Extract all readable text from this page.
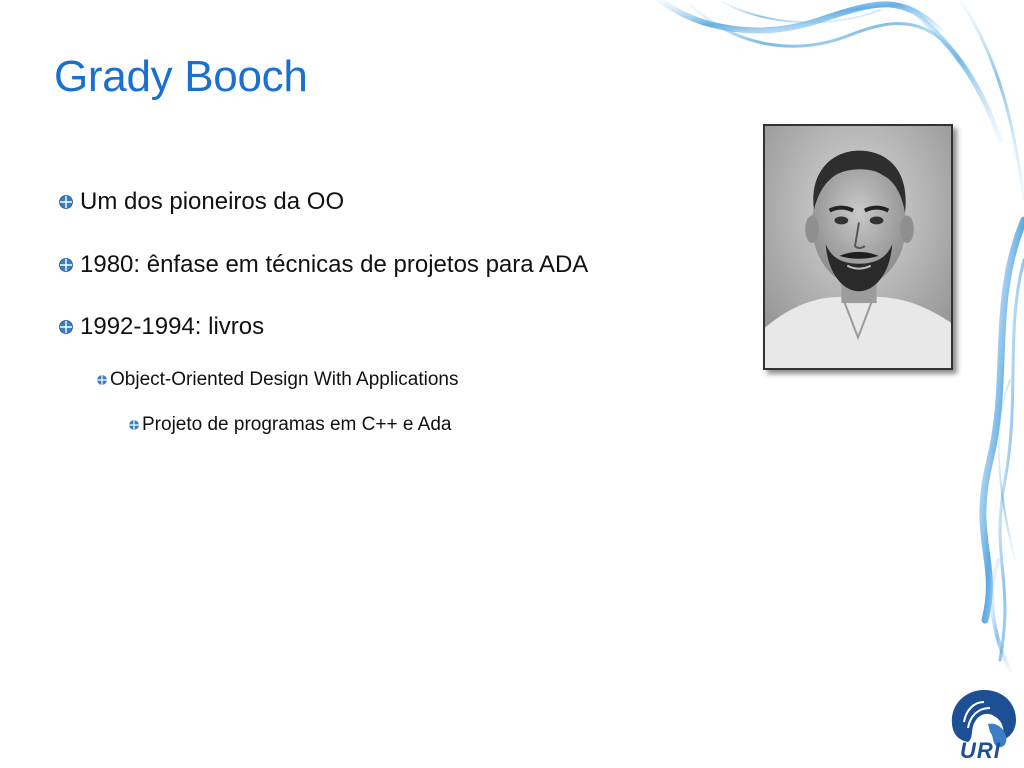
Grady Booch
Um dos pioneiros da OO
1980: ênfase em técnicas de projetos para ADA
1992-1994: livros
Object-Oriented Design With Applications
Projeto de programas em C++ e Ada
URI
